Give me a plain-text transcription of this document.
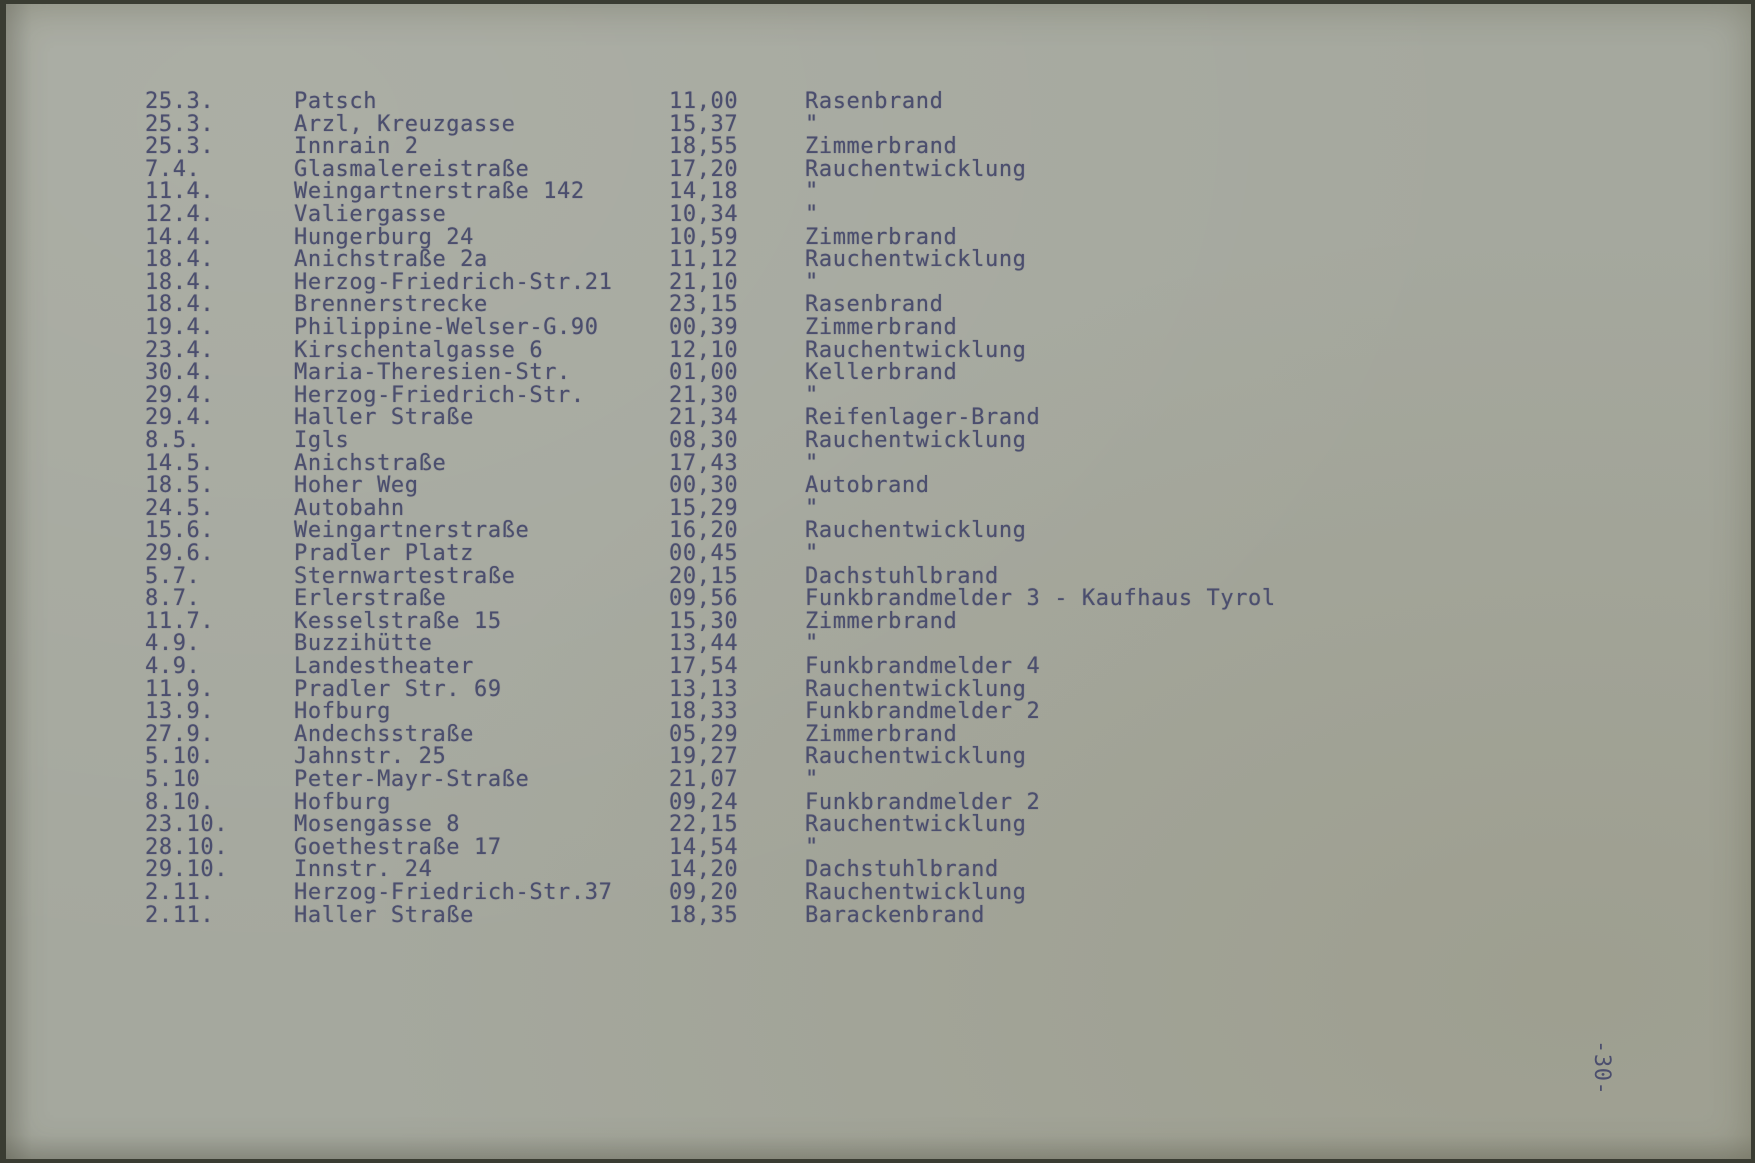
25.3.	Patsch	11,00	Rasenbrand
25.3.	Arzl, Kreuzgasse	15,37	"
25.3.	Innrain 2	18,55	Zimmerbrand
7.4.	Glasmalereistraße	17,20	Rauchentwicklung
11.4.	Weingartnerstraße 142	14,18	"
12.4.	Valiergasse	10,34	"
14.4.	Hungerburg 24	10,59	Zimmerbrand
18.4.	Anichstraße 2a	11,12	Rauchentwicklung
18.4.	Herzog-Friedrich-Str.21	21,10	"
18.4.	Brennerstrecke	23,15	Rasenbrand
19.4.	Philippine-Welser-G.90	00,39	Zimmerbrand
23.4.	Kirschentalgasse 6	12,10	Rauchentwicklung
30.4.	Maria-Theresien-Str.	01,00	Kellerbrand
29.4.	Herzog-Friedrich-Str.	21,30	"
29.4.	Haller Straße	21,34	Reifenlager-Brand
8.5.	Igls	08,30	Rauchentwicklung
14.5.	Anichstraße	17,43	"
18.5.	Hoher Weg	00,30	Autobrand
24.5.	Autobahn	15,29	"
15.6.	Weingartnerstraße	16,20	Rauchentwicklung
29.6.	Pradler Platz	00,45	"
5.7.	Sternwartestraße	20,15	Dachstuhlbrand
8.7.	Erlerstraße	09,56	Funkbrandmelder 3 - Kaufhaus Tyrol
11.7.	Kesselstraße 15	15,30	Zimmerbrand
4.9.	Buzzihütte	13,44	"
4.9.	Landestheater	17,54	Funkbrandmelder 4
11.9.	Pradler Str. 69	13,13	Rauchentwicklung
13.9.	Hofburg	18,33	Funkbrandmelder 2
27.9.	Andechsstraße	05,29	Zimmerbrand
5.10.	Jahnstr. 25	19,27	Rauchentwicklung
5.10	Peter-Mayr-Straße	21,07	"
8.10.	Hofburg	09,24	Funkbrandmelder 2
23.10.	Mosengasse 8	22,15	Rauchentwicklung
28.10.	Goethestraße 17	14,54	"
29.10.	Innstr. 24	14,20	Dachstuhlbrand
2.11.	Herzog-Friedrich-Str.37	09,20	Rauchentwicklung
2.11.	Haller Straße	18,35	Barackenbrand
-30-
